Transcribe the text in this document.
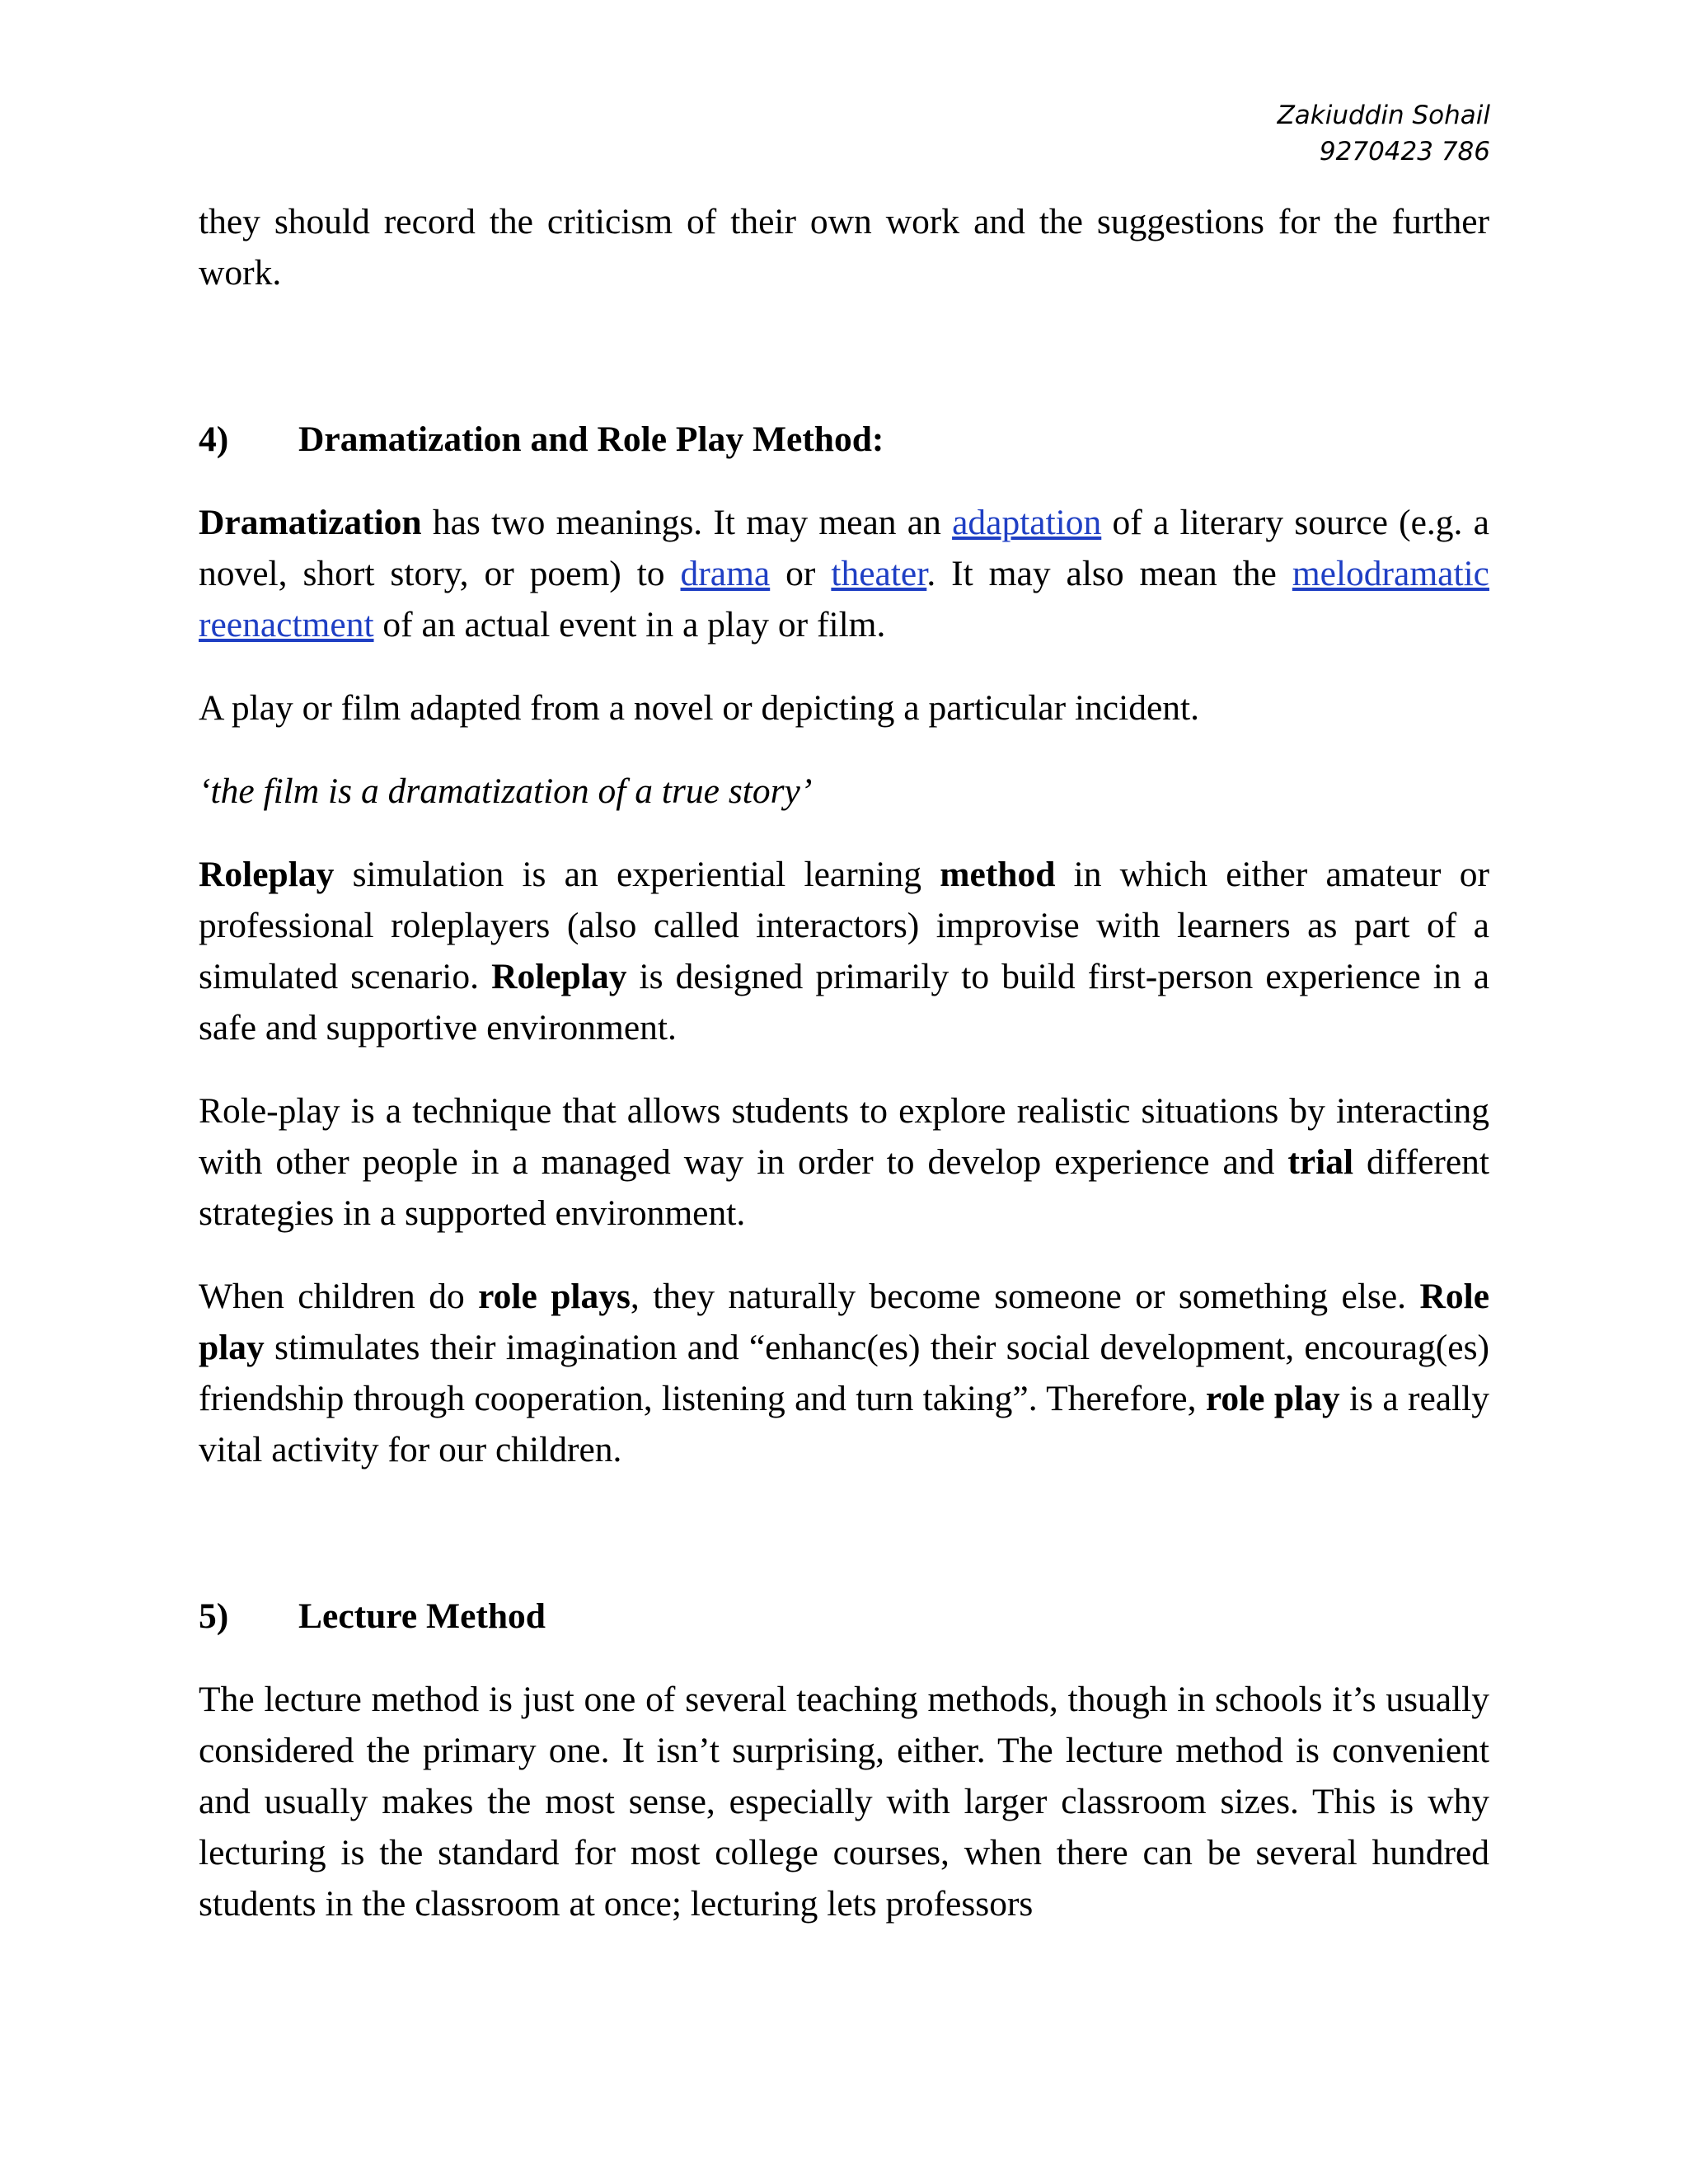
Zakiuddin Sohail
9270423 786

they should record the criticism of their own work and the suggestions for the further work.

4)	Dramatization and Role Play Method:

Dramatization has two meanings. It may mean an adaptation of a literary source (e.g. a novel, short story, or poem) to drama or theater. It may also mean the melodramatic reenactment of an actual event in a play or film.

A play or film adapted from a novel or depicting a particular incident.

‘the film is a dramatization of a true story’

Roleplay simulation is an experiential learning method in which either amateur or professional roleplayers (also called interactors) improvise with learners as part of a simulated scenario. Roleplay is designed primarily to build first-person experience in a safe and supportive environment.

Role-play is a technique that allows students to explore realistic situations by interacting with other people in a managed way in order to develop experience and trial different strategies in a supported environment.

When children do role plays, they naturally become someone or something else. Role play stimulates their imagination and “enhanc(es) their social development, encourag(es) friendship through cooperation, listening and turn taking”. Therefore, role play is a really vital activity for our children.

5)	Lecture Method

The lecture method is just one of several teaching methods, though in schools it’s usually considered the primary one. It isn’t surprising, either. The lecture method is convenient and usually makes the most sense, especially with larger classroom sizes. This is why lecturing is the standard for most college courses, when there can be several hundred students in the classroom at once; lecturing lets professors
